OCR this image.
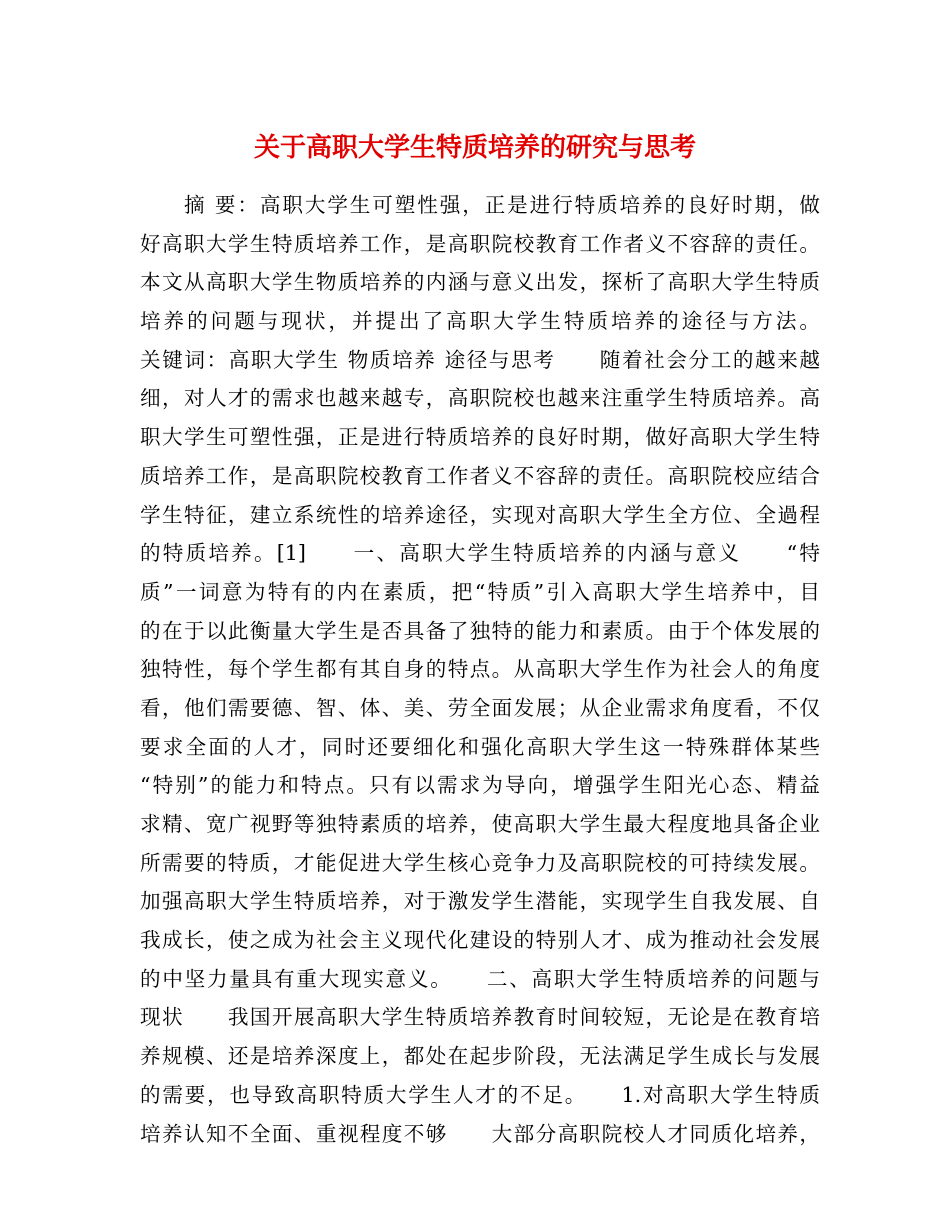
关于高职大学生特质培养的研究与思考
摘 要：高职大学生可塑性强，正是进行特质培养的良好时期，做
好高职大学生特质培养工作，是高职院校教育工作者义不容辞的责任。
本文从高职大学生物质培养的内涵与意义出发，探析了高职大学生特质
培养的问题与现状，并提出了高职大学生特质培养的途径与方法。
关键词：高职大学生 物质培养 途径与思考　　随着社会分工的越来越
细，对人才的需求也越来越专，高职院校也越来注重学生特质培养。高
职大学生可塑性强，正是进行特质培养的良好时期，做好高职大学生特
质培养工作，是高职院校教育工作者义不容辞的责任。高职院校应结合
学生特征，建立系统性的培养途径，实现对高职大学生全方位、全過程
的特质培养。[1]　　一、高职大学生特质培养的内涵与意义　　“特
质”一词意为特有的内在素质，把“特质”引入高职大学生培养中，目
的在于以此衡量大学生是否具备了独特的能力和素质。由于个体发展的
独特性，每个学生都有其自身的特点。从高职大学生作为社会人的角度
看，他们需要德、智、体、美、劳全面发展；从企业需求角度看，不仅
要求全面的人才，同时还要细化和强化高职大学生这一特殊群体某些
“特别”的能力和特点。只有以需求为导向，增强学生阳光心态、精益
求精、宽广视野等独特素质的培养，使高职大学生最大程度地具备企业
所需要的特质，才能促进大学生核心竞争力及高职院校的可持续发展。
加强高职大学生特质培养，对于激发学生潜能，实现学生自我发展、自
我成长，使之成为社会主义现代化建设的特别人才、成为推动社会发展
的中坚力量具有重大现实意义。　　二、高职大学生特质培养的问题与
现状　　我国开展高职大学生特质培养教育时间较短，无论是在教育培
养规模、还是培养深度上，都处在起步阶段，无法满足学生成长与发展
的需要，也导致高职特质大学生人才的不足。　　1.对高职大学生特质
培养认知不全面、重视程度不够　　大部分高职院校人才同质化培养，
